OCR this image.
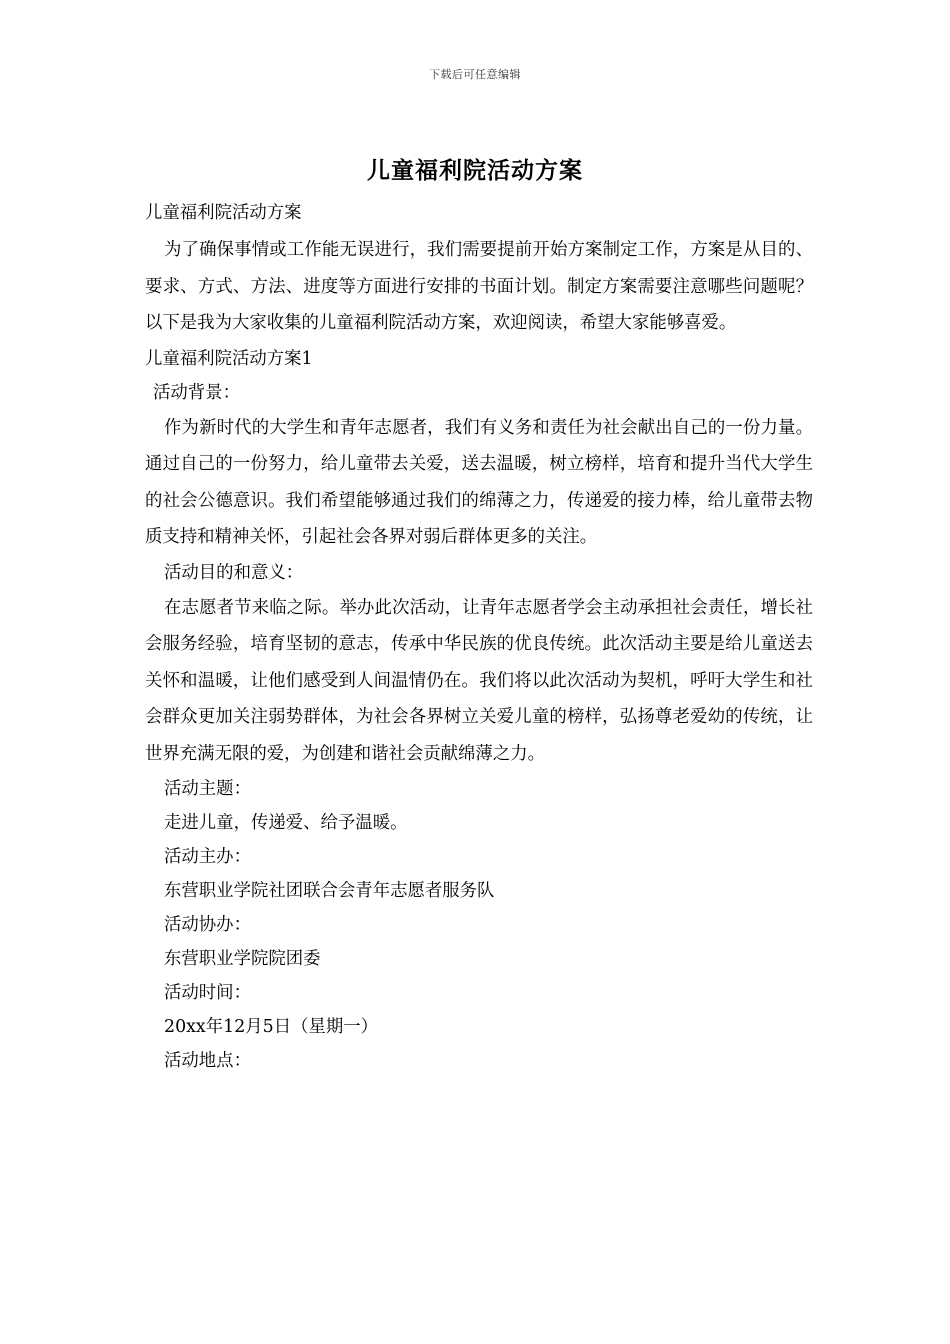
下载后可任意编辑
儿童福利院活动方案

儿童福利院活动方案

为了确保事情或工作能无误进行，我们需要提前开始方案制定工作，方案是从目的、要求、方式、方法、进度等方面进行安排的书面计划。制定方案需要注意哪些问题呢？以下是我为大家收集的儿童福利院活动方案，欢迎阅读，希望大家能够喜爱。

儿童福利院活动方案1

活动背景：

作为新时代的大学生和青年志愿者，我们有义务和责任为社会献出自己的一份力量。通过自己的一份努力，给儿童带去关爱，送去温暖，树立榜样，培育和提升当代大学生的社会公德意识。我们希望能够通过我们的绵薄之力，传递爱的接力棒，给儿童带去物质支持和精神关怀，引起社会各界对弱后群体更多的关注。

活动目的和意义：

在志愿者节来临之际。举办此次活动，让青年志愿者学会主动承担社会责任，增长社会服务经验，培育坚韧的意志，传承中华民族的优良传统。此次活动主要是给儿童送去关怀和温暖，让他们感受到人间温情仍在。我们将以此次活动为契机，呼吁大学生和社会群众更加关注弱势群体，为社会各界树立关爱儿童的榜样，弘扬尊老爱幼的传统，让世界充满无限的爱，为创建和谐社会贡献绵薄之力。

活动主题：

走进儿童，传递爱、给予温暖。

活动主办：

东营职业学院社团联合会青年志愿者服务队

活动协办：

东营职业学院院团委

活动时间：

20xx年12月5日（星期一）

活动地点：
